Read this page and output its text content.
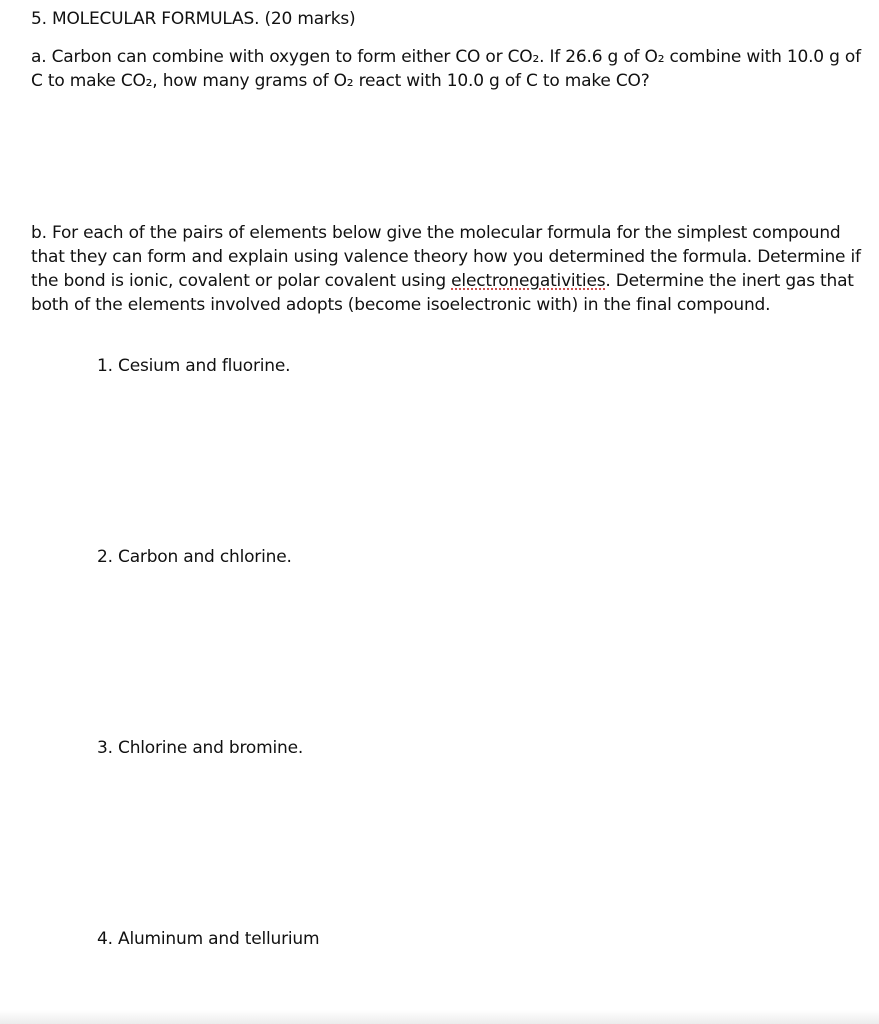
5. MOLECULAR FORMULAS. (20 marks)

a. Carbon can combine with oxygen to form either CO or CO₂. If 26.6 g of O₂ combine with 10.0 g of C to make CO₂, how many grams of O₂ react with 10.0 g of C to make CO?

b. For each of the pairs of elements below give the molecular formula for the simplest compound that they can form and explain using valence theory how you determined the formula. Determine if the bond is ionic, covalent or polar covalent using electronegativities. Determine the inert gas that both of the elements involved adopts (become isoelectronic with) in the final compound.

1. Cesium and fluorine.

2. Carbon and chlorine.

3. Chlorine and bromine.

4. Aluminum and tellurium
